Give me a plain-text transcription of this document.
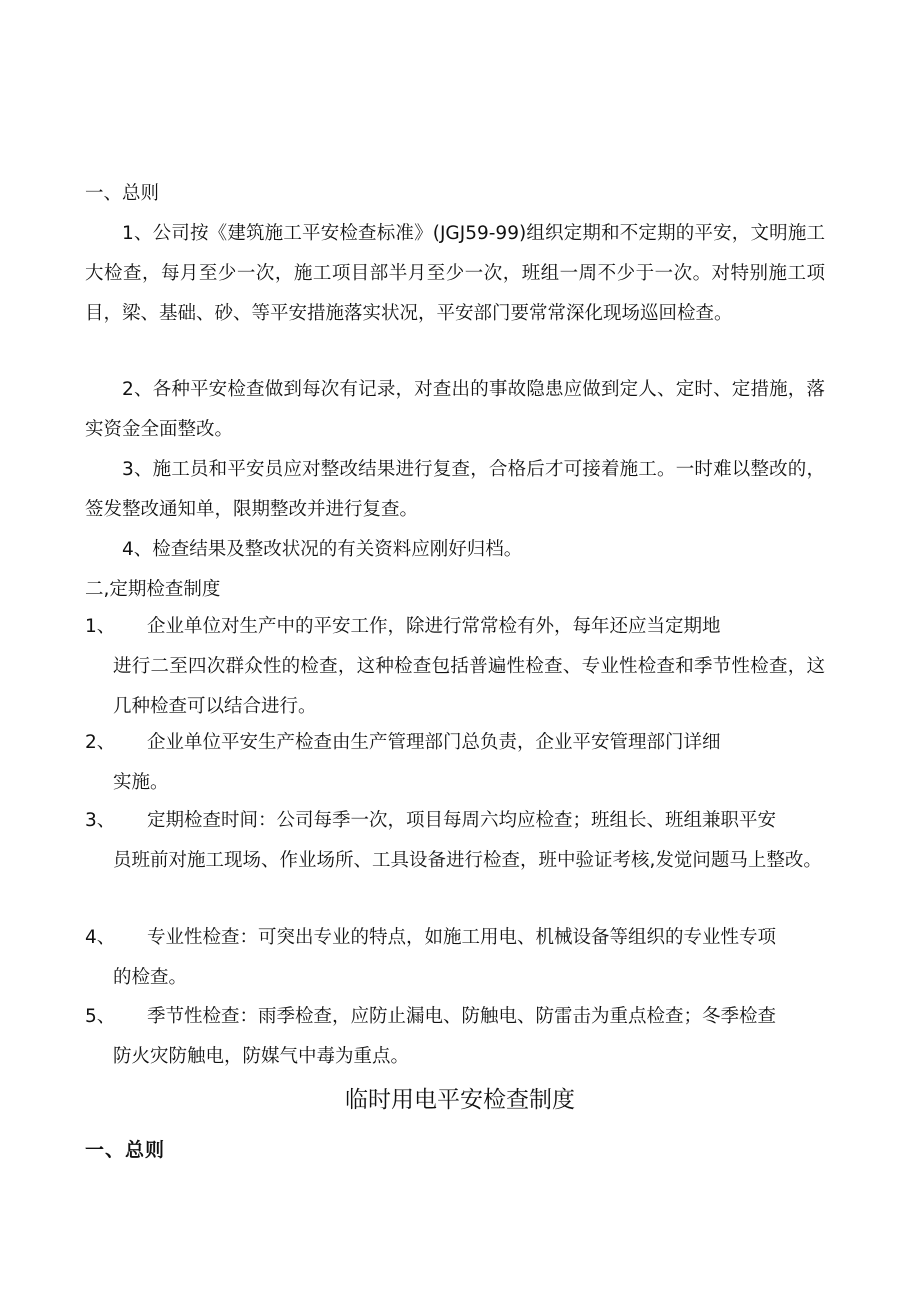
一、总则

1、公司按《建筑施工平安检查标准》(JGJ59-99)组织定期和不定期的平安，文明施工大检查，每月至少一次，施工项目部半月至少一次，班组一周不少于一次。对特别施工项目，梁、基础、砂、等平安措施落实状况，平安部门要常常深化现场巡回检查。

2、各种平安检查做到每次有记录，对查出的事故隐患应做到定人、定时、定措施，落实资金全面整改。

3、施工员和平安员应对整改结果进行复查，合格后才可接着施工。一时难以整改的，签发整改通知单，限期整改并进行复查。

4、检查结果及整改状况的有关资料应刚好归档。

二,定期检查制度

1、	企业单位对生产中的平安工作，除进行常常检有外，每年还应当定期地
进行二至四次群众性的检查，这种检查包括普遍性检查、专业性检查和季节性检查，这几种检查可以结合进行。
2、	企业单位平安生产检查由生产管理部门总负责，企业平安管理部门详细
实施。
3、	定期检查时间：公司每季一次，项目每周六均应检查；班组长、班组兼职平安
员班前对施工现场、作业场所、工具设备进行检查，班中验证考核,发觉问题马上整改。
4、	专业性检查：可突出专业的特点，如施工用电、机械设备等组织的专业性专项
的检查。
5、	季节性检查：雨季检查，应防止漏电、防触电、防雷击为重点检查；冬季检查
防火灾防触电，防媒气中毒为重点。
临时用电平安检查制度
一、总则
